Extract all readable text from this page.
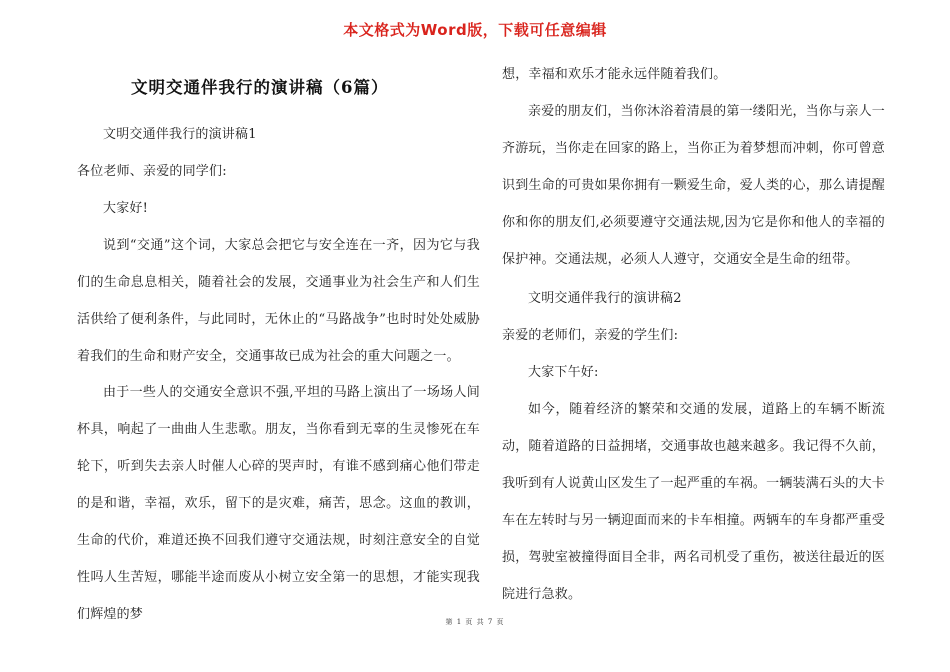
本文格式为Word版，下载可任意编辑
文明交通伴我行的演讲稿（6篇）

文明交通伴我行的演讲稿1

各位老师、亲爱的同学们:

大家好!

说到“交通”这个词，大家总会把它与安全连在一齐，因为它与我们的生命息息相关，随着社会的发展，交通事业为社会生产和人们生活供给了便利条件，与此同时，无休止的“马路战争”也时时处处威胁着我们的生命和财产安全，交通事故已成为社会的重大问题之一。

由于一些人的交通安全意识不强,平坦的马路上演出了一场场人间杯具，响起了一曲曲人生悲歌。朋友，当你看到无辜的生灵惨死在车轮下，听到失去亲人时催人心碎的哭声时，有谁不感到痛心他们带走的是和谐，幸福，欢乐，留下的是灾难，痛苦，思念。这血的教训，生命的代价，难道还换不回我们遵守交通法规，时刻注意安全的自觉性吗人生苦短，哪能半途而废从小树立安全第一的思想，才能实现我们辉煌的梦

想，幸福和欢乐才能永远伴随着我们。

亲爱的朋友们，当你沐浴着清晨的第一缕阳光，当你与亲人一齐游玩，当你走在回家的路上，当你正为着梦想而冲刺，你可曾意识到生命的可贵如果你拥有一颗爱生命，爱人类的心，那么请提醒你和你的朋友们,必须要遵守交通法规,因为它是你和他人的幸福的保护神。交通法规，必须人人遵守，交通安全是生命的纽带。

文明交通伴我行的演讲稿2

亲爱的老师们，亲爱的学生们:

大家下午好:

如今，随着经济的繁荣和交通的发展，道路上的车辆不断流动，随着道路的日益拥堵，交通事故也越来越多。我记得不久前，我听到有人说黄山区发生了一起严重的车祸。一辆装满石头的大卡车在左转时与另一辆迎面而来的卡车相撞。两辆车的车身都严重受损，驾驶室被撞得面目全非，两名司机受了重伤，被送往最近的医院进行急救。

第 1 页 共 7 页
